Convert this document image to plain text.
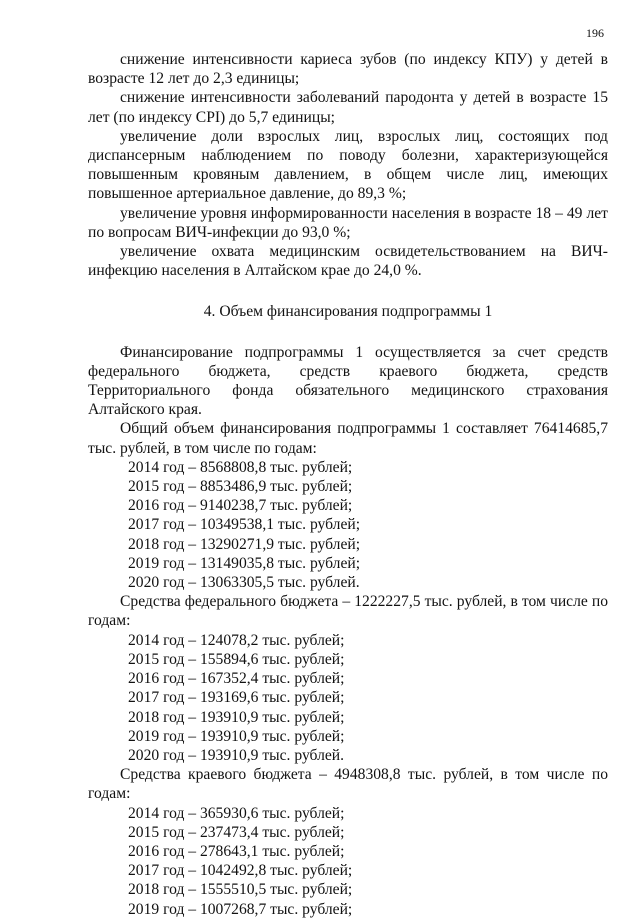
196

снижение интенсивности кариеса зубов (по индексу КПУ) у детей в возрасте 12 лет до 2,3 единицы;

снижение интенсивности заболеваний пародонта у детей в возрасте 15 лет (по индексу CPI) до 5,7 единицы;

увеличение доли взрослых лиц, взрослых лиц, состоящих под диспансерным наблюдением по поводу болезни, характеризующейся повышенным кровяным давлением, в общем числе лиц, имеющих повышенное артериальное давление, до 89,3 %;

увеличение уровня информированности населения в возрасте 18 – 49 лет по вопросам ВИЧ-инфекции до 93,0 %;

увеличение охвата медицинским освидетельствованием на ВИЧ-инфекцию населения в Алтайском крае до 24,0 %.

4. Объем финансирования подпрограммы 1

Финансирование подпрограммы 1 осуществляется за счет средств федерального бюджета, средств краевого бюджета, средств Территориального фонда обязательного медицинского страхования Алтайского края.

Общий объем финансирования подпрограммы 1 составляет 76414685,7 тыс. рублей, в том числе по годам:

2014 год – 8568808,8 тыс. рублей;
2015 год – 8853486,9 тыс. рублей;
2016 год – 9140238,7 тыс. рублей;
2017 год – 10349538,1 тыс. рублей;
2018 год – 13290271,9 тыс. рублей;
2019 год – 13149035,8 тыс. рублей;
2020 год – 13063305,5 тыс. рублей.

Средства федерального бюджета – 1222227,5 тыс. рублей, в том числе по годам:

2014 год – 124078,2 тыс. рублей;
2015 год – 155894,6 тыс. рублей;
2016 год – 167352,4 тыс. рублей;
2017 год – 193169,6 тыс. рублей;
2018 год – 193910,9 тыс. рублей;
2019 год – 193910,9 тыс. рублей;
2020 год – 193910,9 тыс. рублей.

Средства краевого бюджета – 4948308,8 тыс. рублей, в том числе по годам:

2014 год – 365930,6 тыс. рублей;
2015 год – 237473,4 тыс. рублей;
2016 год – 278643,1 тыс. рублей;
2017 год – 1042492,8 тыс. рублей;
2018 год – 1555510,5 тыс. рублей;
2019 год – 1007268,7 тыс. рублей;
